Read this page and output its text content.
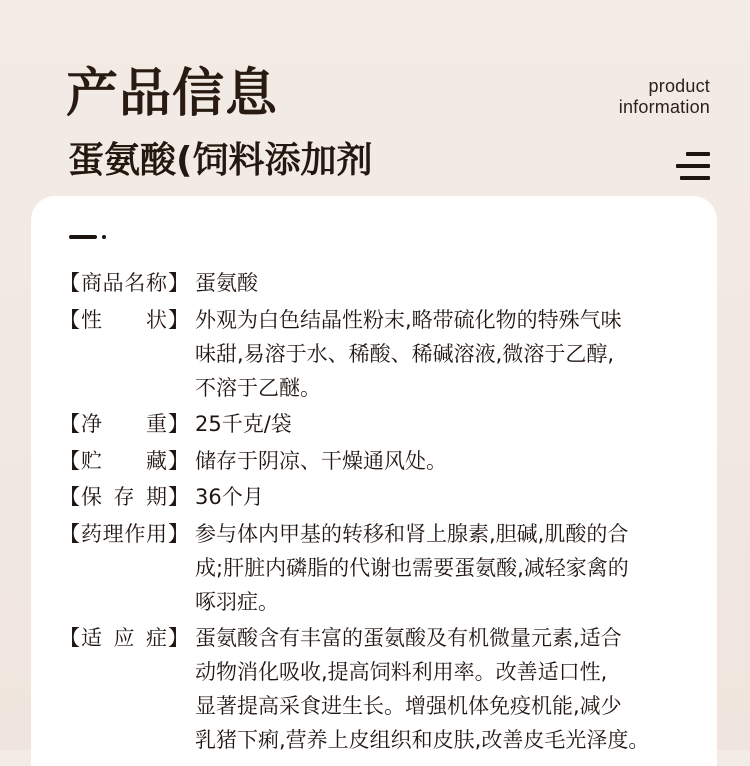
产品信息	product
information
蛋氨酸(饲料添加剂
【 商 品 名 称 】 蛋氨酸
【 性 状 】 外观为白色结晶性粉末,略带硫化物的特殊气味
味甜,易溶于水、稀酸、稀碱溶液,微溶于乙醇,
不溶于乙醚。
【 净 重 】 25千克/袋
【 贮 藏 】 储存于阴凉、干燥通风处。
【 保 存 期 】 36个月
【 药 理 作 用 】 参与体内甲基的转移和肾上腺素,胆碱,肌酸的合
成;肝脏内磷脂的代谢也需要蛋氨酸,减轻家禽的
啄羽症。
【 适 应 症 】 蛋氨酸含有丰富的蛋氨酸及有机微量元素,适合
动物消化吸收,提高饲料利用率。改善适口性,
显著提高采食进生长。增强机体免疫机能,减少
乳猪下痢,营养上皮组织和皮肤,改善皮毛光泽度。
